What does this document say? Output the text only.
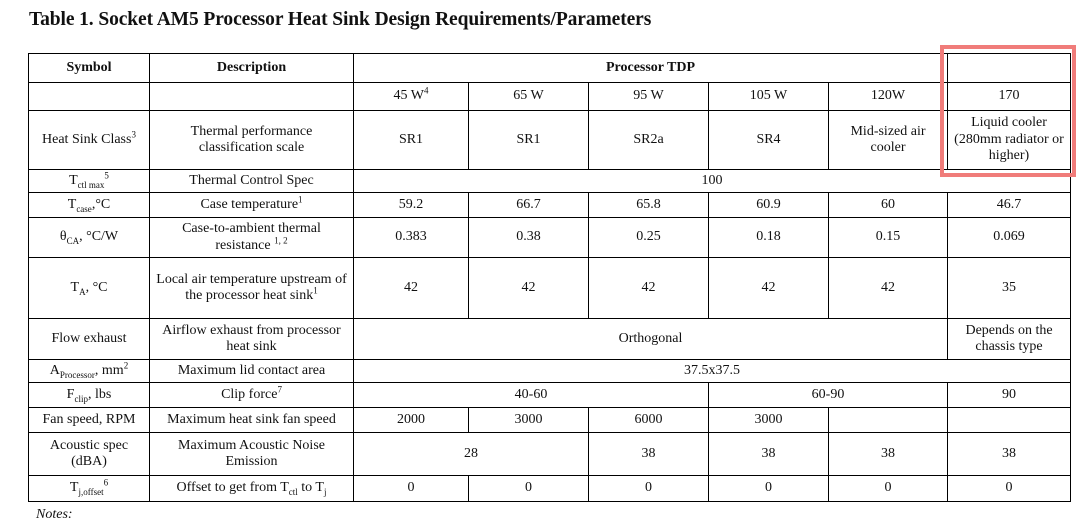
Table 1. Socket AM5 Processor Heat Sink Design Requirements/Parameters
Symbol	Description	Processor TDP					
		45 $W^4$	65 W	95 W	105 W	120W	170
Heat Sink Class$^3$	Thermal performance classification scale	SR1	SR1	SR2a	SR4	Mid-sized air cooler	Liquid cooler (280mm radiator or higher)
$T_{ctl max}^5$	Thermal Control Spec	100					
$T_{case},^\circ C$	Case temperature$^1$	59.2	66.7	65.8	60.9	60	46.7
$\theta_{CA}$, °C/W	Case-to-ambient thermal resistance $^{1, 2}$	0.383	0.38	0.25	0.18	0.15	0.069
$T_A$, °C	Local air temperature upstream of the processor heat sink$^1$	42	42	42	42	42	35
Flow exhaust	Airflow exhaust from processor heat sink	Orthogonal					Depends on the chassis type
$A_{Processor}$, $mm^2$	Maximum lid contact area	37.5x37.5					
$F_{clip}$, lbs	Clip force$^7$	40-60			60-90		90
Fan speed, RPM	Maximum heat sink fan speed	2000	3000	6000	3000		
Acoustic spec (dBA)	Maximum Acoustic Noise Emission	28		38	38	38	38
$T_{j,offset}^6$	Offset to get from $T_{ctl}$ to $T_j$	0	0	0	0	0	0
Notes:
